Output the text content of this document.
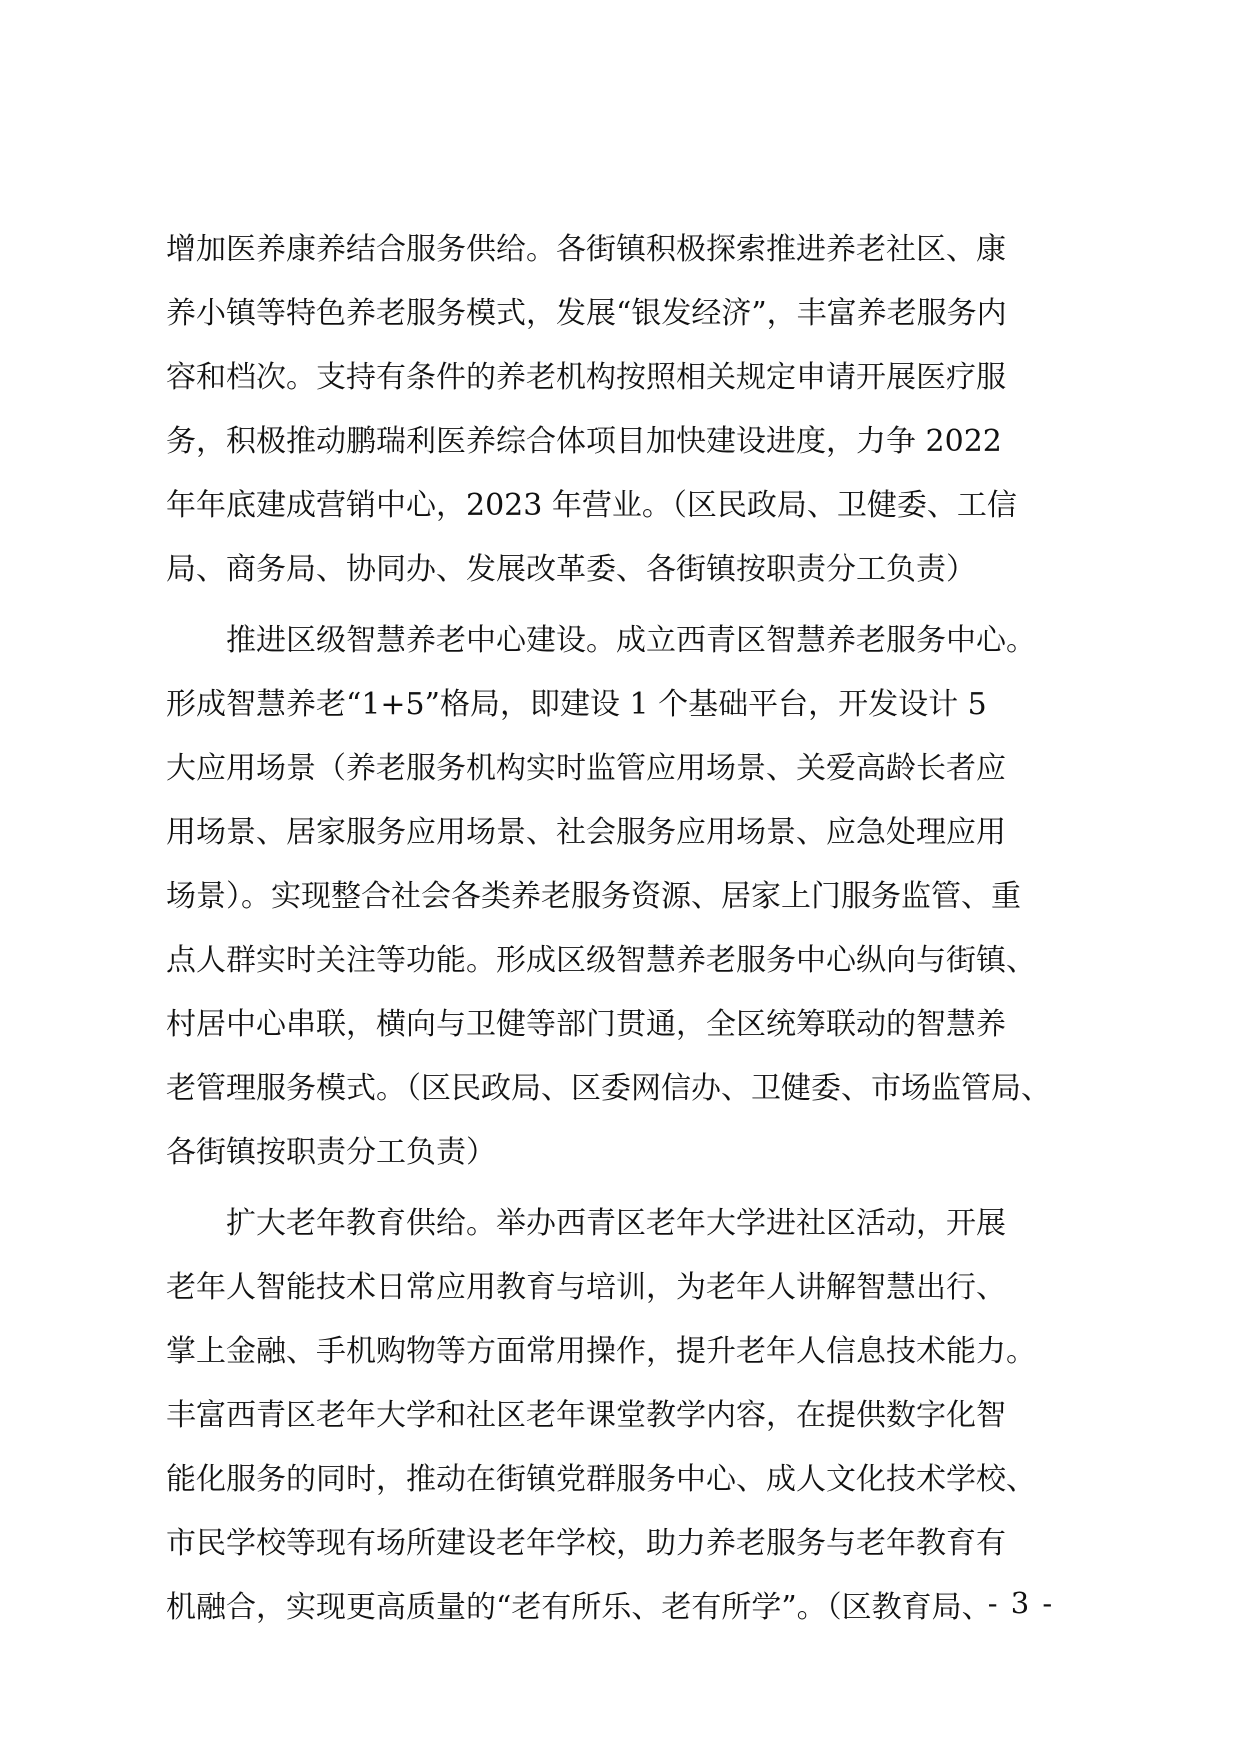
增加医养康养结合服务供给。各街镇积极探索推进养老社区、康
养小镇等特色养老服务模式，发展“银发经济”，丰富养老服务内
容和档次。支持有条件的养老机构按照相关规定申请开展医疗服
务，积极推动鹏瑞利医养综合体项目加快建设进度，力争 2022
年年底建成营销中心，2023 年营业。（区民政局、卫健委、工信
局、商务局、协同办、发展改革委、各街镇按职责分工负责）
　　推进区级智慧养老中心建设。成立西青区智慧养老服务中心。
形成智慧养老“1+5”格局，即建设 1 个基础平台，开发设计 5
大应用场景（养老服务机构实时监管应用场景、关爱高龄长者应
用场景、居家服务应用场景、社会服务应用场景、应急处理应用
场景）。实现整合社会各类养老服务资源、居家上门服务监管、重
点人群实时关注等功能。形成区级智慧养老服务中心纵向与街镇、
村居中心串联，横向与卫健等部门贯通，全区统筹联动的智慧养
老管理服务模式。（区民政局、区委网信办、卫健委、市场监管局、
各街镇按职责分工负责）
　　扩大老年教育供给。举办西青区老年大学进社区活动，开展
老年人智能技术日常应用教育与培训，为老年人讲解智慧出行、
掌上金融、手机购物等方面常用操作，提升老年人信息技术能力。
丰富西青区老年大学和社区老年课堂教学内容，在提供数字化智
能化服务的同时，推动在街镇党群服务中心、成人文化技术学校、
市民学校等现有场所建设老年学校，助力养老服务与老年教育有
机融合，实现更高质量的“老有所乐、老有所学”。（区教育局、
- 3 -
